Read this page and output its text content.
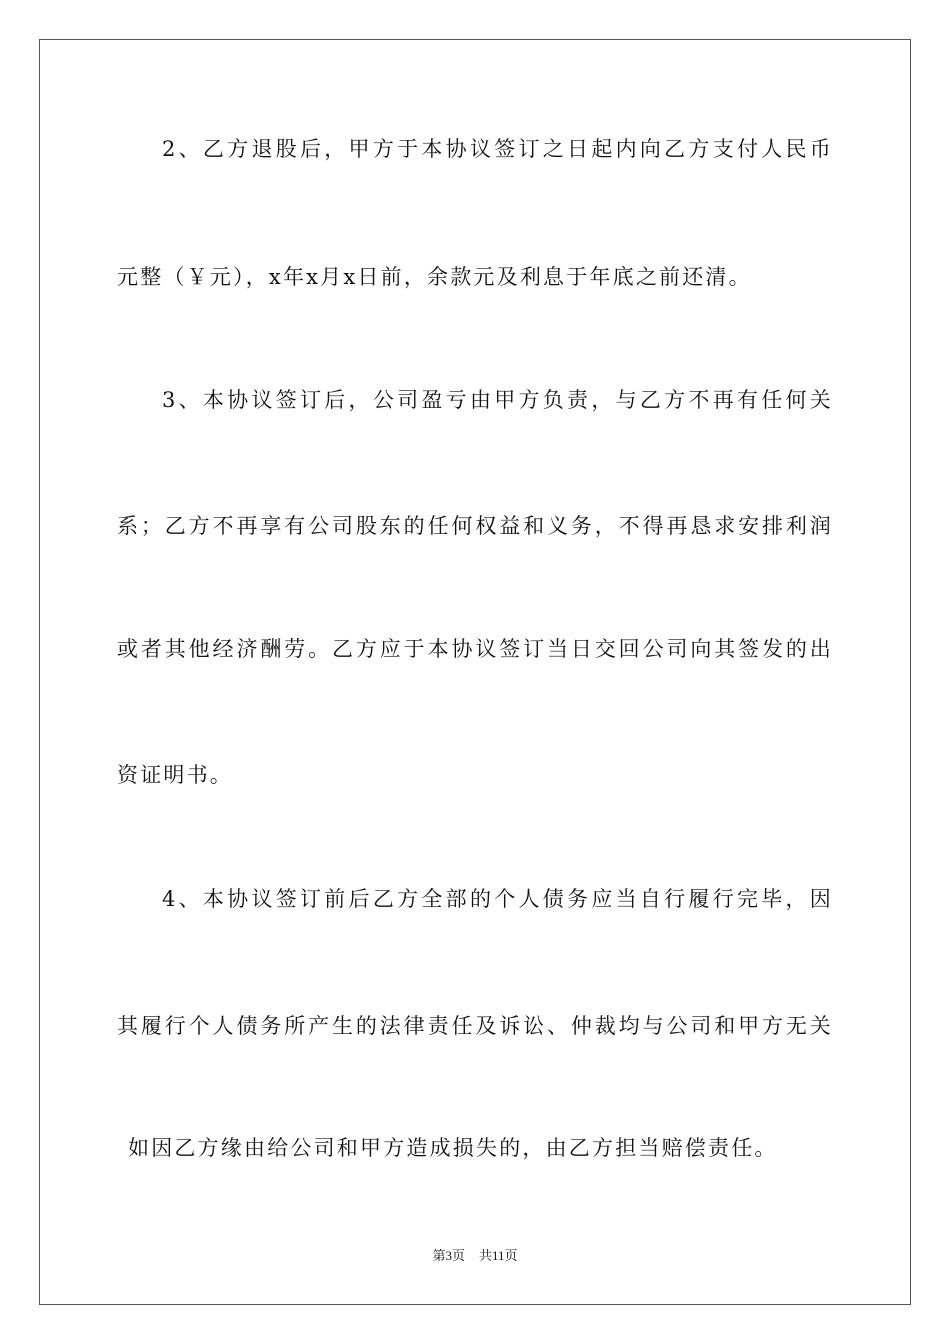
2、乙方退股后，甲方于本协议签订之日起内向乙方支付人民币
元整（￥元），x年x月x日前，余款元及利息于年底之前还清。
3、本协议签订后，公司盈亏由甲方负责，与乙方不再有任何关
系；乙方不再享有公司股东的任何权益和义务，不得再恳求安排利润
或者其他经济酬劳。乙方应于本协议签订当日交回公司向其签发的出
资证明书。
4、本协议签订前后乙方全部的个人债务应当自行履行完毕，因
其履行个人债务所产生的法律责任及诉讼、仲裁均与公司和甲方无关
如因乙方缘由给公司和甲方造成损失的，由乙方担当赔偿责任。
第3页 共11页
